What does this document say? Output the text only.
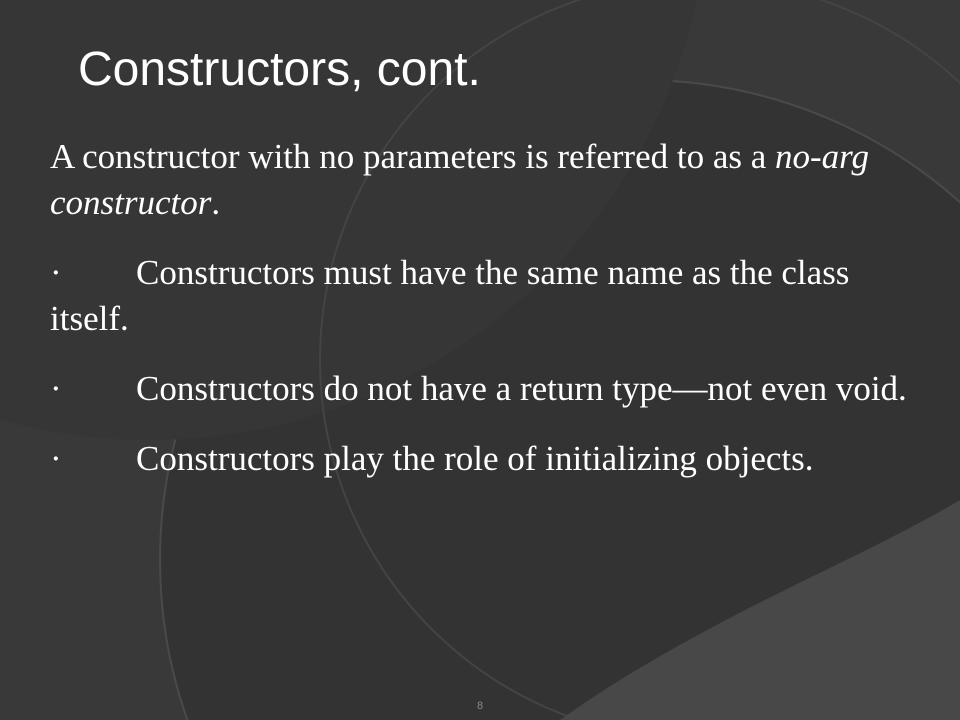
Constructors, cont.

A constructor with no parameters is referred to as a no-arg constructor.

· Constructors must have the same name as the class itself.

· Constructors do not have a return type—not even void.

· Constructors play the role of initializing objects.

8
